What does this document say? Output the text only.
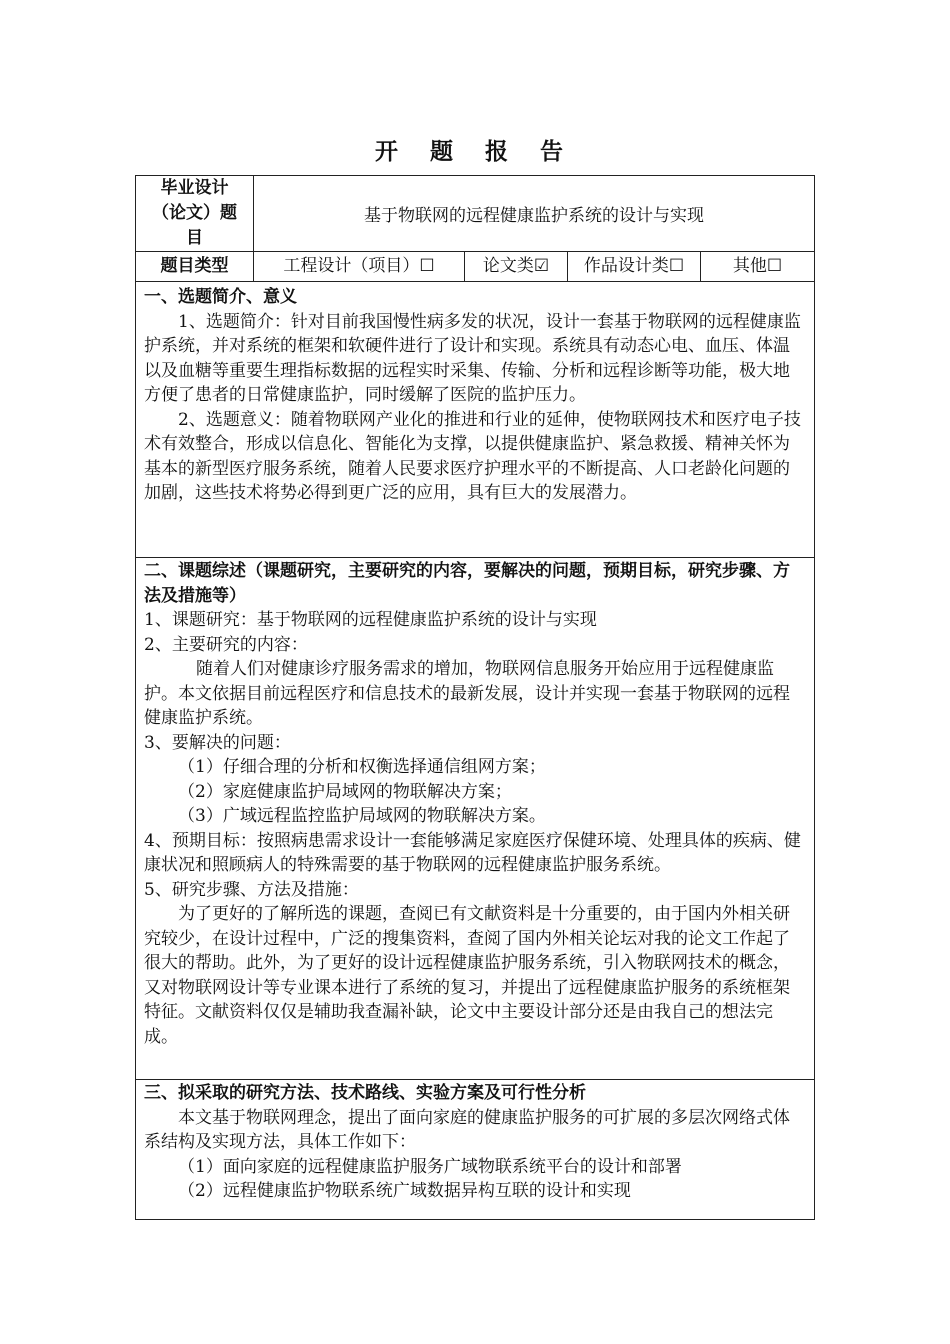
开 题 报 告
毕业设计
（论文）题
目
基于物联网的远程健康监护系统的设计与实现
题目类型	工程设计（项目）☐	论文类☑	作品设计类☐	其他☐
一、选题简介、意义

1、选题简介：针对目前我国慢性病多发的状况，设计一套基于物联网的远程健康监护系统，并对系统的框架和软硬件进行了设计和实现。系统具有动态心电、血压、体温以及血糖等重要生理指标数据的远程实时采集、传输、分析和远程诊断等功能，极大地方便了患者的日常健康监护，同时缓解了医院的监护压力。

2、选题意义：随着物联网产业化的推进和行业的延伸，使物联网技术和医疗电子技术有效整合，形成以信息化、智能化为支撑，以提供健康监护、紧急救援、精神关怀为基本的新型医疗服务系统，随着人民要求医疗护理水平的不断提高、人口老龄化问题的加剧，这些技术将势必得到更广泛的应用，具有巨大的发展潜力。

二、课题综述（课题研究，主要研究的内容，要解决的问题，预期目标，研究步骤、方法及措施等）

1、课题研究：基于物联网的远程健康监护系统的设计与实现

2、主要研究的内容：

随着人们对健康诊疗服务需求的增加，物联网信息服务开始应用于远程健康监护。本文依据目前远程医疗和信息技术的最新发展，设计并实现一套基于物联网的远程健康监护系统。

3、要解决的问题：

（1）仔细合理的分析和权衡选择通信组网方案；

（2）家庭健康监护局域网的物联解决方案；

（3）广域远程监控监护局域网的物联解决方案。

4、预期目标：按照病患需求设计一套能够满足家庭医疗保健环境、处理具体的疾病、健康状况和照顾病人的特殊需要的基于物联网的远程健康监护服务系统。

5、研究步骤、方法及措施：

为了更好的了解所选的课题，查阅已有文献资料是十分重要的，由于国内外相关研究较少，在设计过程中，广泛的搜集资料，查阅了国内外相关论坛对我的论文工作起了很大的帮助。此外，为了更好的设计远程健康监护服务系统，引入物联网技术的概念，又对物联网设计等专业课本进行了系统的复习，并提出了远程健康监护服务的系统框架特征。文献资料仅仅是辅助我查漏补缺，论文中主要设计部分还是由我自己的想法完成。

三、拟采取的研究方法、技术路线、实验方案及可行性分析

本文基于物联网理念，提出了面向家庭的健康监护服务的可扩展的多层次网络式体系结构及实现方法，具体工作如下：

（1）面向家庭的远程健康监护服务广域物联系统平台的设计和部署

（2）远程健康监护物联系统广域数据异构互联的设计和实现
